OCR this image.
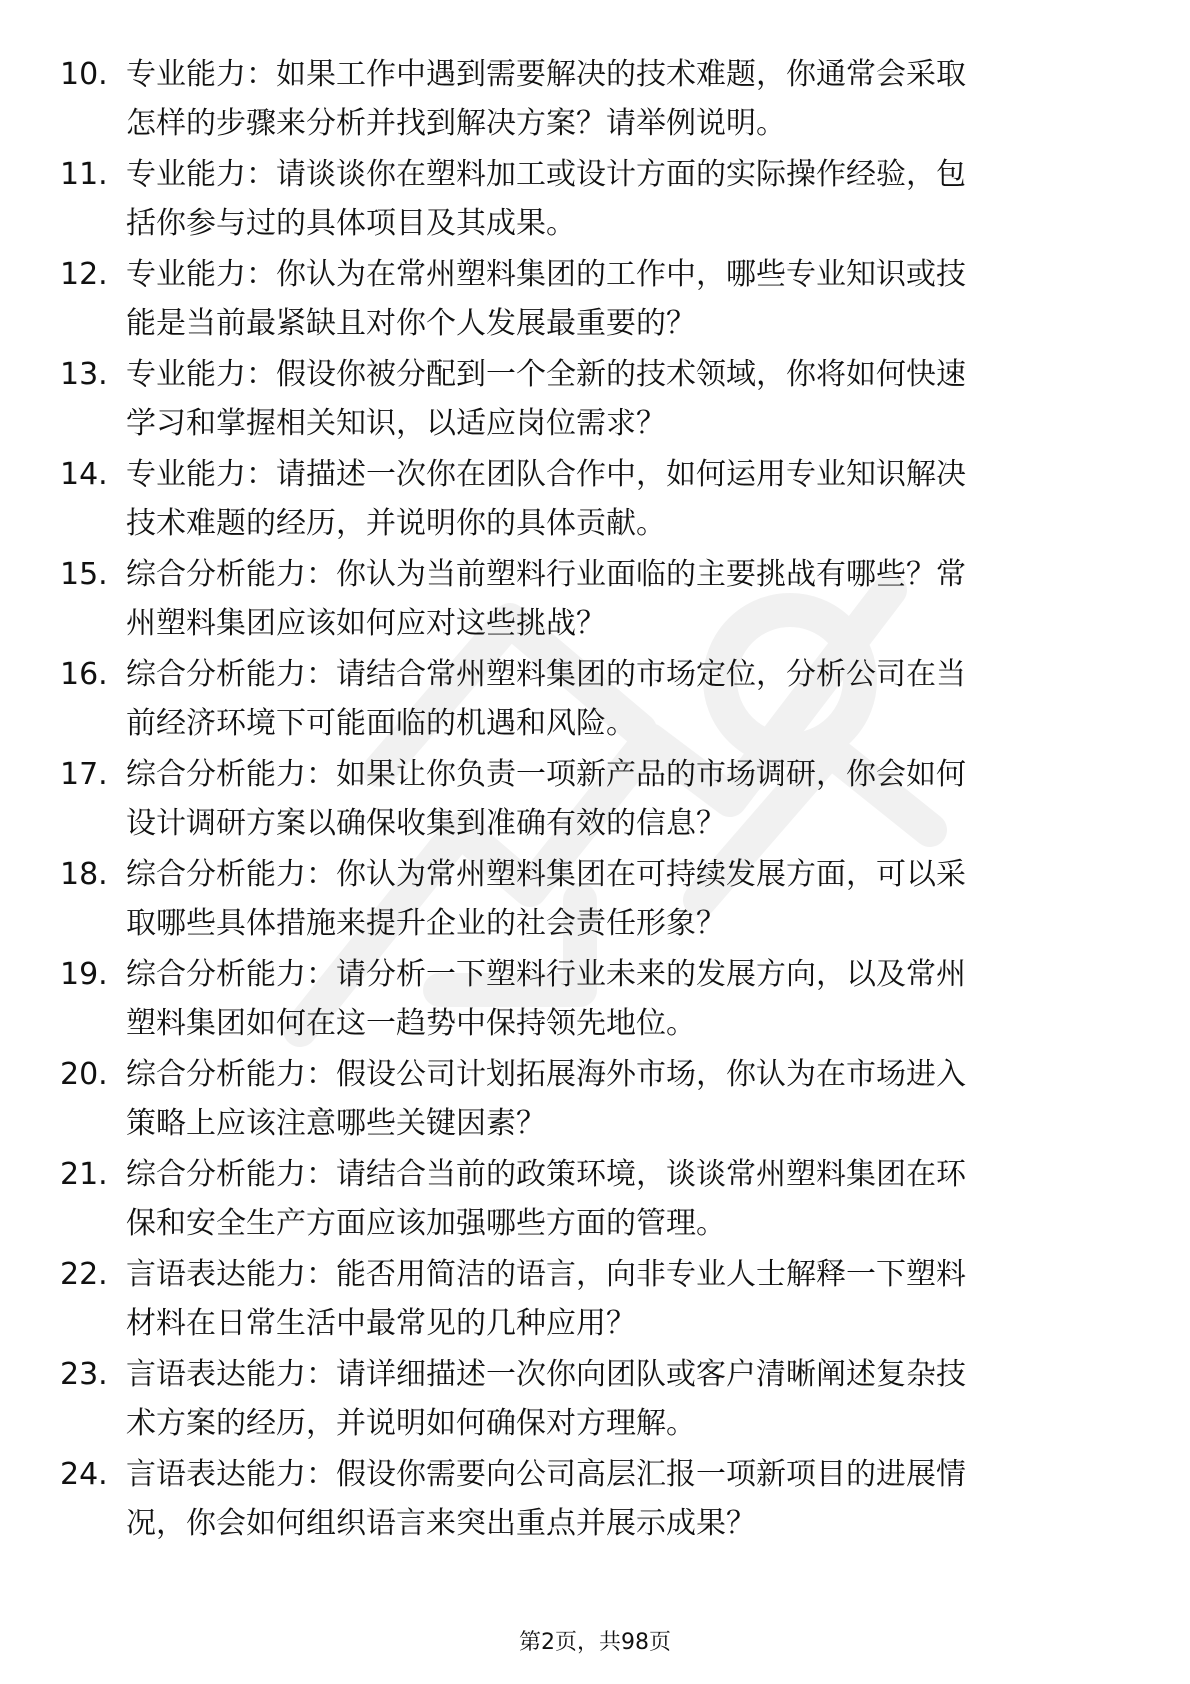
10. 专业能力：如果工作中遇到需要解决的技术难题，你通常会采取
怎样的步骤来分析并找到解决方案？请举例说明。
11. 专业能力：请谈谈你在塑料加工或设计方面的实际操作经验，包
括你参与过的具体项目及其成果。
12. 专业能力：你认为在常州塑料集团的工作中，哪些专业知识或技
能是当前最紧缺且对你个人发展最重要的？
13. 专业能力：假设你被分配到一个全新的技术领域，你将如何快速
学习和掌握相关知识，以适应岗位需求？
14. 专业能力：请描述一次你在团队合作中，如何运用专业知识解决
技术难题的经历，并说明你的具体贡献。
15. 综合分析能力：你认为当前塑料行业面临的主要挑战有哪些？常
州塑料集团应该如何应对这些挑战？
16. 综合分析能力：请结合常州塑料集团的市场定位，分析公司在当
前经济环境下可能面临的机遇和风险。
17. 综合分析能力：如果让你负责一项新产品的市场调研，你会如何
设计调研方案以确保收集到准确有效的信息？
18. 综合分析能力：你认为常州塑料集团在可持续发展方面，可以采
取哪些具体措施来提升企业的社会责任形象？
19. 综合分析能力：请分析一下塑料行业未来的发展方向，以及常州
塑料集团如何在这一趋势中保持领先地位。
20. 综合分析能力：假设公司计划拓展海外市场，你认为在市场进入
策略上应该注意哪些关键因素？
21. 综合分析能力：请结合当前的政策环境，谈谈常州塑料集团在环
保和安全生产方面应该加强哪些方面的管理。
22. 言语表达能力：能否用简洁的语言，向非专业人士解释一下塑料
材料在日常生活中最常见的几种应用？
23. 言语表达能力：请详细描述一次你向团队或客户清晰阐述复杂技
术方案的经历，并说明如何确保对方理解。
24. 言语表达能力：假设你需要向公司高层汇报一项新项目的进展情
况，你会如何组织语言来突出重点并展示成果？
第2页，共98页
